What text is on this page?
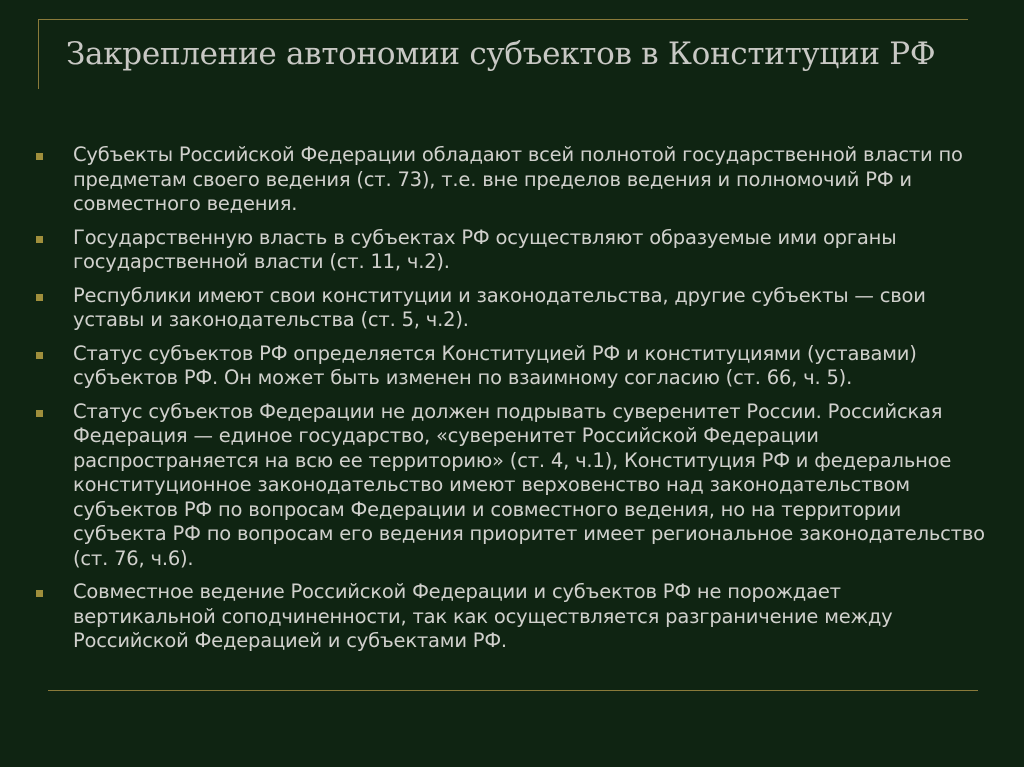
Закрепление автономии субъектов в Конституции РФ
Субъекты Российской Федерации обладают всей полнотой государственной власти по предметам своего ведения (ст. 73), т.е. вне пределов ведения и полномочий РФ и совместного ведения.
Государственную власть в субъектах РФ осуществляют образуемые ими органы государственной власти (ст. 11, ч.2).
Республики имеют свои конституции и законодательства, другие субъекты — свои уставы и законодательства (ст. 5, ч.2).
Статус субъектов РФ определяется Конституцией РФ и конституциями (уставами) субъектов РФ. Он может быть изменен по взаимному согласию (ст. 66, ч. 5).
Статус субъектов Федерации не должен подрывать суверенитет России. Российская Федерация — единое государство, «суверенитет Российской Федерации распространяется на всю ее территорию» (ст. 4, ч.1), Конституция РФ и федеральное конституционное законодательство имеют верховенство над законодательством субъектов РФ по вопросам Федерации и совместного ведения, но на территории субъекта РФ по вопросам его ведения приоритет имеет региональное законодательство (ст. 76, ч.6).
Совместное ведение Российской Федерации и субъектов РФ не порождает вертикальной соподчиненности, так как осуществляется разграничение между Российской Федерацией и субъектами РФ.
